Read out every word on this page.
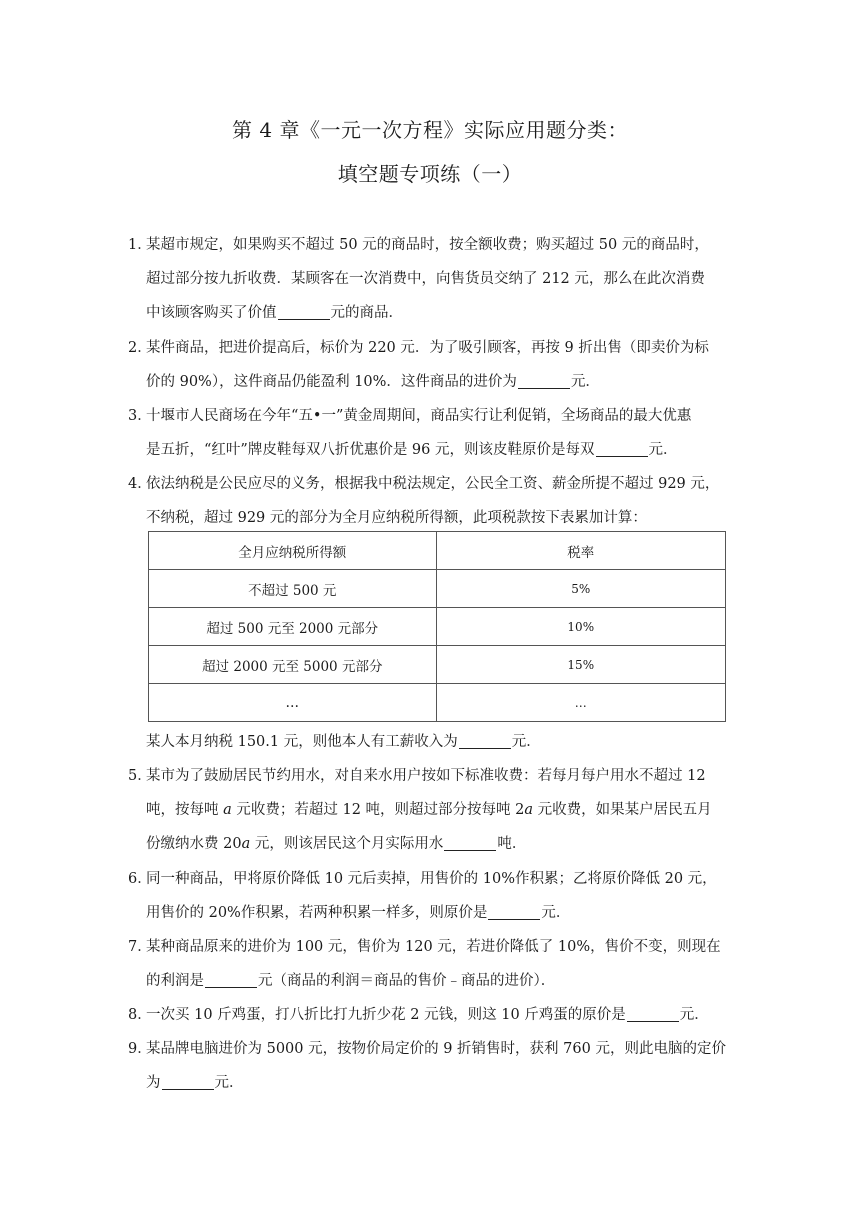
第 4 章《一元一次方程》实际应用题分类：
填空题专项练（一）
1．
某超市规定，如果购买不超过 50 元的商品时，按全额收费；购买超过 50 元的商品时，
超过部分按九折收费．某顾客在一次消费中，向售货员交纳了 212 元，那么在此次消费
中该顾客购买了价值	元的商品．
2．
某件商品，把进价提高后，标价为 220 元．为了吸引顾客，再按 9 折出售（即卖价为标
价的 90%），这件商品仍能盈利 10%．这件商品的进价为	元．
3．
十堰市人民商场在今年“五•一”黄金周期间，商品实行让利促销，全场商品的最大优惠
是五折，“红叶”牌皮鞋每双八折优惠价是 96 元，则该皮鞋原价是每双	元．
4．
依法纳税是公民应尽的义务，根据我中税法规定，公民全工资、薪金所提不超过 929 元，
不纳税，超过 929 元的部分为全月应纳税所得额，此项税款按下表累加计算：
全月应纳税所得额	税率
不超过 500 元	5%
超过 500 元至 2000 元部分	10%
超过 2000 元至 5000 元部分	15%
…	…
某人本月纳税 150.1 元，则他本人有工薪收入为	元．
5．
某市为了鼓励居民节约用水，对自来水用户按如下标准收费：若每月每户用水不超过 12
吨，按每吨 a 元收费；若超过 12 吨，则超过部分按每吨 2a 元收费，如果某户居民五月
份缴纳水费 20a 元，则该居民这个月实际用水	吨．
6．
同一种商品，甲将原价降低 10 元后卖掉，用售价的 10%作积累；乙将原价降低 20 元，
用售价的 20%作积累，若两种积累一样多，则原价是	元．
7．
某种商品原来的进价为 100 元，售价为 120 元，若进价降低了 10%，售价不变，则现在
的利润是	元（商品的利润＝商品的售价﹣商品的进价）．
8．
一次买 10 斤鸡蛋，打八折比打九折少花 2 元钱，则这 10 斤鸡蛋的原价是	元．
9．
某品牌电脑进价为 5000 元，按物价局定价的 9 折销售时，获利 760 元，则此电脑的定价
为	元．
